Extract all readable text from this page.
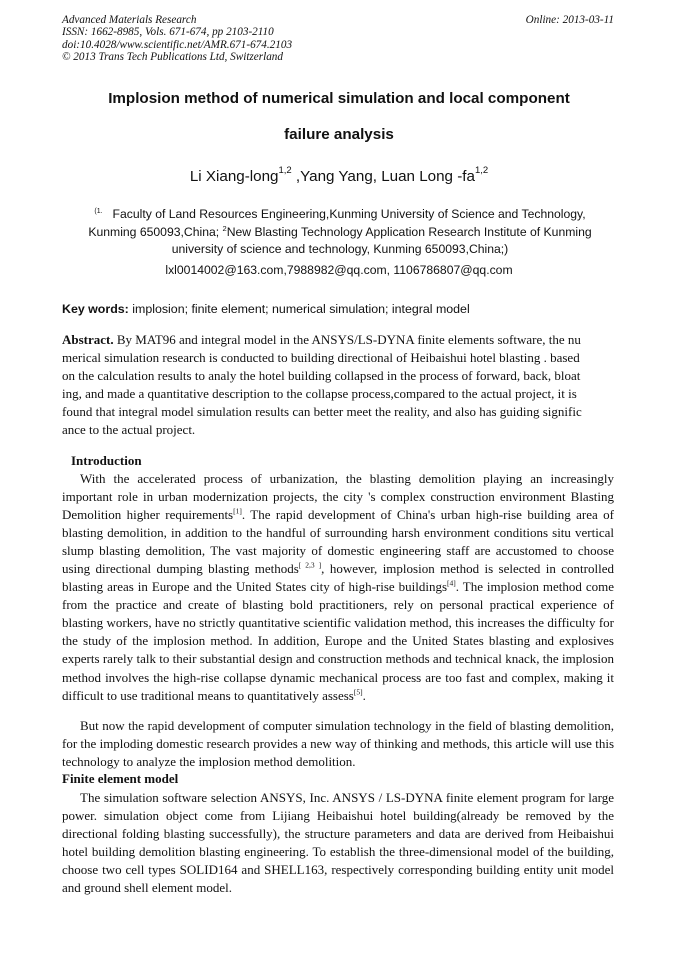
Advanced Materials Research
ISSN: 1662-8985, Vols. 671-674, pp 2103-2110
doi:10.4028/www.scientific.net/AMR.671-674.2103
© 2013 Trans Tech Publications Ltd, Switzerland
Online: 2013-03-11
Implosion method of numerical simulation and local component
failure analysis
Li Xiang-long$^{1,2}$ ,Yang Yang, Luan Long -fa$^{1,2}$
$^{(1.}$ Faculty of Land Resources Engineering,Kunming University of Science and Technology, Kunming 650093,China; $^2$New Blasting Technology Application Research Institute of Kunming university of science and technology, Kunming 650093,China;)
lxl0014002@163.com,7988982@qq.com, 1106786807@qq.com
Key words: implosion; finite element; numerical simulation; integral model
Abstract. By MAT96 and integral model in the ANSYS/LS-DYNA finite elements software, the nu
merical simulation research is conducted to building directional of Heibaishui hotel blasting . based
on the calculation results to analy the hotel building collapsed in the process of forward, back, bloat
ing, and made a quantitative description to the collapse process,compared to the actual project, it is
found that integral model simulation results can better meet the reality, and also has guiding signific
ance to the actual project.
Introduction
With the accelerated process of urbanization, the blasting demolition playing an increasingly important role in urban modernization projects, the city 's complex construction environment Blasting Demolition higher requirements[1]. The rapid development of China's urban high-rise building area of blasting demolition, in addition to the handful of surrounding harsh environment conditions situ vertical slump blasting demolition, The vast majority of domestic engineering staff are accustomed to choose using directional dumping blasting methods[ 2,3 ], however, implosion method is selected in controlled blasting areas in Europe and the United States city of high-rise buildings[4]. The implosion method come from the practice and create of blasting bold practitioners, rely on personal practical experience of blasting workers, have no strictly quantitative scientific validation method, this increases the difficulty for the study of the implosion method. In addition, Europe and the United States blasting and explosives experts rarely talk to their substantial design and construction methods and technical knack, the implosion method involves the high-rise collapse dynamic mechanical process are too fast and complex, making it difficult to use traditional means to quantitatively assess[5].
But now the rapid development of computer simulation technology in the field of blasting demolition, for the imploding domestic research provides a new way of thinking and methods, this article will use this technology to analyze the implosion method demolition.
Finite element model
The simulation software selection ANSYS, Inc. ANSYS / LS-DYNA finite element program for large power. simulation object come from Lijiang Heibaishui hotel building(already be removed by the directional folding blasting successfully), the structure parameters and data are derived from Heibaishui hotel building demolition blasting engineering. To establish the three-dimensional model of the building, choose two cell types SOLID164 and SHELL163, respectively corresponding building entity unit model and ground shell element model.
